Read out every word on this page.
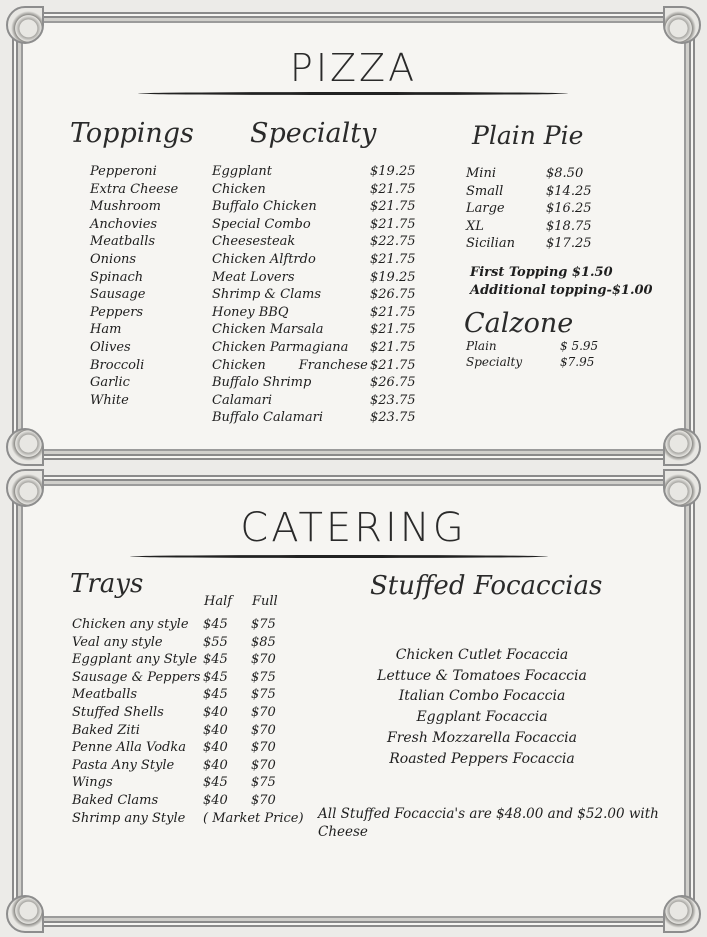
PIZZA
Toppings Specialty	Plain Pie
Pepperoni
Extra Cheese
Mushroom
Anchovies
Meatballs
Onions
Spinach
Sausage
Peppers
Ham
Olives
Broccoli
Garlic
White
Eggplant	$19.25
Chicken	$21.75
Buffalo Chicken	$21.75
Special Combo	$21.75
Cheesesteak	$22.75
Chicken Alftrdo	$21.75
Meat Lovers	$19.25
Shrimp & Clams	$26.75
Honey BBQ	$21.75
Chicken Marsala	$21.75
Chicken Parmagiana	$21.75
Chicken        Franchese $21.75
Buffalo Shrimp	$26.75
Calamari	$23.75
Buffalo Calamari	$23.75
Mini	$8.50
Small	$14.25
Large	$16.25
XL	$18.75
Sicilian	$17.25
First Topping $1.50
Additional topping-$1.00
Calzone
Plain	$ 5.95
Specialty	$7.95
CATERING
Trays
Half Full
Chicken any style	$45	$75
Veal any style	$55	$85
Eggplant any Style $45	$70
Sausage & Peppers $45	$75
Meatballs	$45	$75
Stuffed Shells	$40	$70
Baked Ziti	$40	$70
Penne Alla Vodka	$40	$70
Pasta Any Style	$40	$70
Wings	$45	$75
Baked Clams	$40	$70
Shrimp any Style	( Market Price)
Stuffed Focaccias
Chicken Cutlet Focaccia
Lettuce & Tomatoes Focaccia
Italian Combo Focaccia
Eggplant Focaccia
Fresh Mozzarella Focaccia
Roasted Peppers Focaccia
All Stuffed Focaccia's are $48.00 and $52.00 with Cheese
